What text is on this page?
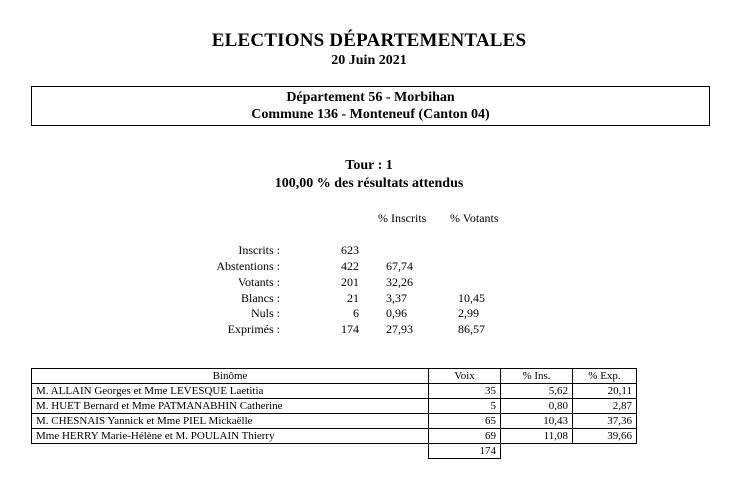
ELECTIONS DÉPARTEMENTALES
20 Juin 2021
Département 56 - Morbihan
Commune 136 - Monteneuf (Canton 04)
Tour : 1
100,00 % des résultats attendus
% Inscrits % Votants
Inscrits :	623
Abstentions :	422 67,74
Votants :	201 32,26
Blancs :	21 3,37	10,45
Nuls :	6 0,96	2,99
Exprimés :	174 27,93	86,57
Binôme	Voix	% Ins.	% Exp.
M. ALLAIN Georges et Mme LEVESQUE Laetitia	35	5,62	20,11
M. HUET Bernard et Mme PATMANABHIN Catherine	5	0,80	2,87
M. CHESNAIS Yannick et Mme PIEL Mickaëlle	65	10,43	37,36
Mme HERRY Marie-Hélène et M. POULAIN Thierry	69	11,08	39,66
	174		
